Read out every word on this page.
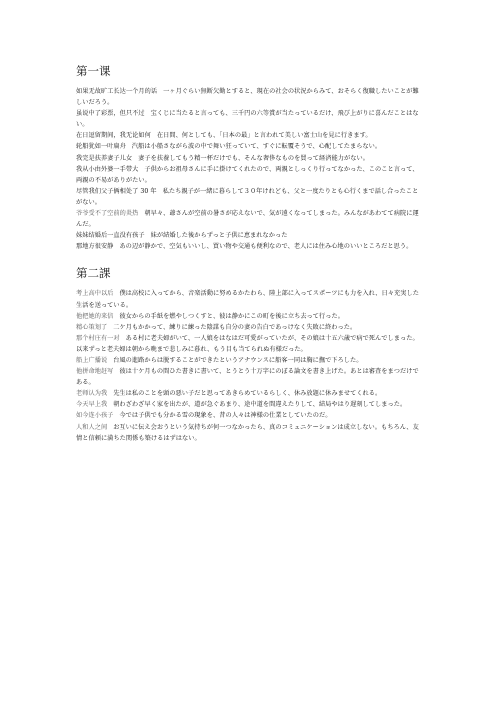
第一课

如果无故旷工长达一个月的话 一ヶ月ぐらい無断欠勤とすると、現在の社会の状況からみて、おそらく復職したいことが難しいだろう。

虽说中了彩票，但只不过 宝くじに当たると言っても、三千円の六等賞が当たっているだけ、飛び上がりに喜んだことはない。

在日逗留期间，我无论如何 在日間、何としても、「日本の最」と言われて美しい富士山を見に行きます。

轮船犹如一叶扁舟 汽船は小船さながら波の中で舞い狂っていて、すぐに転覆そうで、心配してたまらない。

我完是扶养妻子儿女 妻子を扶養してもう精一杯だけでも、そんな奢侈なものを買って経済能力がない。

我从小由外婆一手带大 子供からお祖母さんに手に掛けてくれたので、両親としっくり行ってなかった、このこと言って、両親の不易がありがたい。

尽管我们父子俩相处了 30 年 私たち親子が一緒に暮らして３０年けれども、父と一度たりとも心行くまで話し合ったことがない。

爷爷受不了空前的炎热 朝早々、爺さんが空前の暑さが応えないで、気が遠くなってしまった。みんながあわてて病院に運んだ。

妹妹结婚后一直没有孩子 妹が結婚した後からずっと子供に恵まれなかった

那地方很安静 あの辺が静かで、空気もいいし、買い物や交通も便利なので、老人には住み心地のいいところだと思う。

第二課

考上高中以后 僕は高校に入ってから、音楽活動に努めるかたわら、陸上部に入ってスポーツにも力を入れ、日々充実した生活を送っている。

他把她的来信 彼女からの手紙を燃やしつくすと、彼は静かにこの町を後に立ち去って行った。

精心策划了 二ケ月もかかって、練りに練った陰謀も自分の妻の告白であっけなく失敗に終わった。

那个村庄有一对 ある村に老夫婦がいて、一人娘をはなはだ可愛がっていたが、その娘は十五六歳で病で死んでしまった。以来ずっと老夫婦は朝から晩まで悲しみに暮れ、もう目も当てられぬ有様だった。

船上广播说 台風の進路からは脱することができたというアナウンスに船客一同は胸に撫で下ろした。

他拼命地赶写 彼は十ケ月もの間ひた書きに書いて、とうとう十万字にのぼる論文を書き上げた。あとは審査をまつだけである。

老师认为我 先生は私のことを頭の悪い子だと思ってあきらめているらしく、休み放題に休みませてくれる。

今天早上我 朝わざわざ早く家を出たが、道が急ぐあまり、途中道を間違えたりして、結局やはり遅刻してしまった。

如今连小孩子 今では子供でも分かる雪の現象を、昔の人々は神様の仕業としていたのだ。

人和人之间 お互いに伝え会おうという気持ちが何一つなかったら、真のコミュニケーションは成立しない。もちろん、友情と信頼に満ちた関係も築けるはずはない。
